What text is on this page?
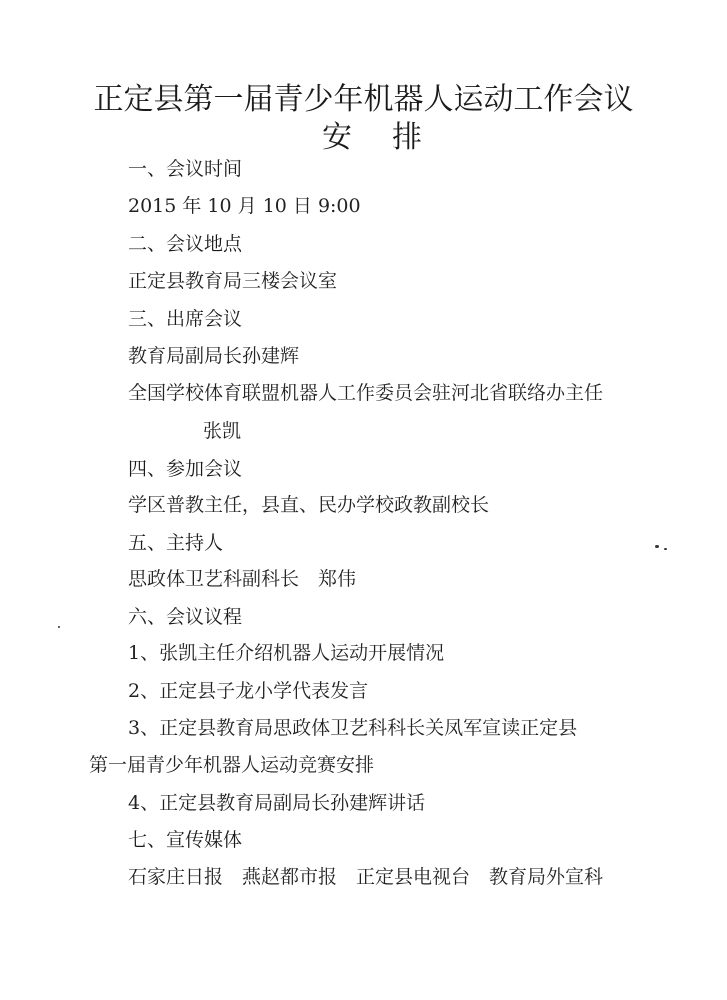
正定县第一届青少年机器人运动工作会议
安排
一、会议时间
2015 年 10 月 10 日 9:00
二、会议地点
正定县教育局三楼会议室
三、出席会议
教育局副局长孙建辉
全国学校体育联盟机器人工作委员会驻河北省联络办主任
张凯
四、参加会议
学区普教主任，县直、民办学校政教副校长
五、主持人
思政体卫艺科副科长　郑伟
六、会议议程
1、张凯主任介绍机器人运动开展情况
2、正定县子龙小学代表发言
3、正定县教育局思政体卫艺科科长关凤军宣读正定县
第一届青少年机器人运动竞赛安排
4、正定县教育局副局长孙建辉讲话
七、宣传媒体
石家庄日报　燕赵都市报　正定县电视台　教育局外宣科
